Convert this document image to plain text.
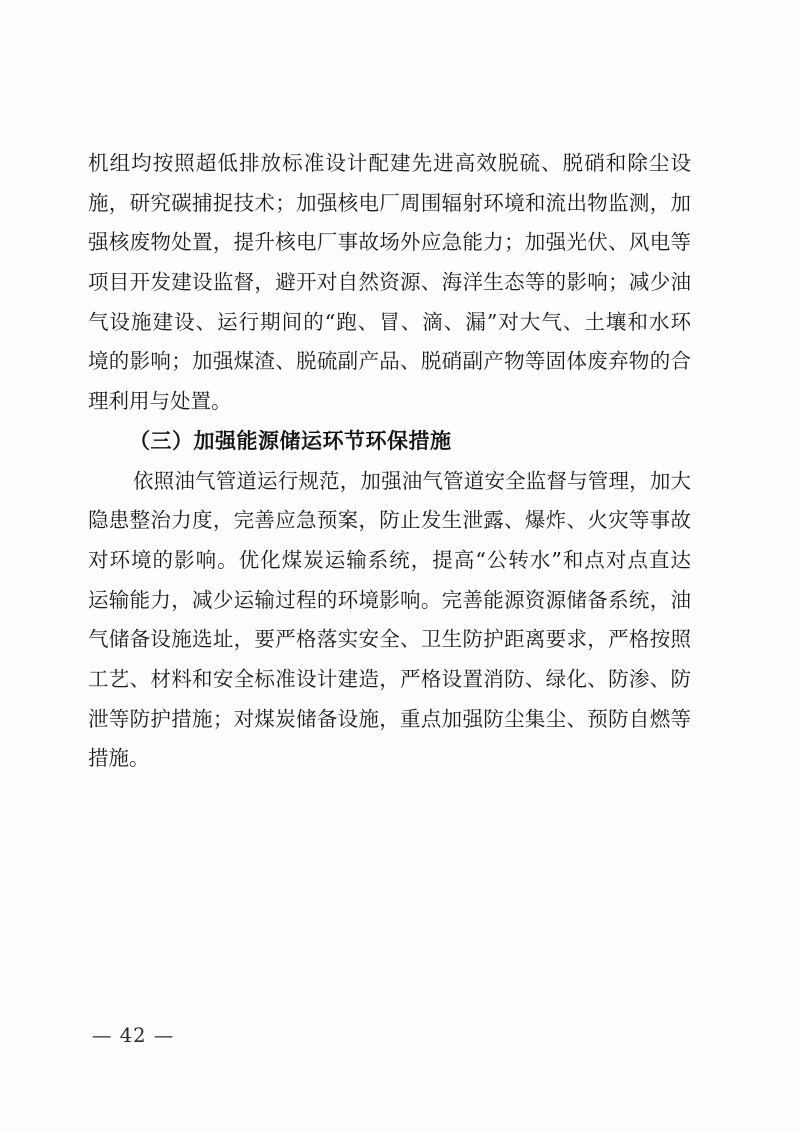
机组均按照超低排放标准设计配建先进高效脱硫、脱硝和除尘设
施，研究碳捕捉技术；加强核电厂周围辐射环境和流出物监测，加
强核废物处置，提升核电厂事故场外应急能力；加强光伏、风电等
项目开发建设监督，避开对自然资源、海洋生态等的影响；减少油
气设施建设、运行期间的“跑、冒、滴、漏”对大气、土壤和水环
境的影响；加强煤渣、脱硫副产品、脱硝副产物等固体废弃物的合
理利用与处置。
（三）加强能源储运环节环保措施
依照油气管道运行规范，加强油气管道安全监督与管理，加大
隐患整治力度，完善应急预案，防止发生泄露、爆炸、火灾等事故
对环境的影响。优化煤炭运输系统，提高“公转水”和点对点直达
运输能力，减少运输过程的环境影响。完善能源资源储备系统，油
气储备设施选址，要严格落实安全、卫生防护距离要求，严格按照
工艺、材料和安全标准设计建造，严格设置消防、绿化、防渗、防
泄等防护措施；对煤炭储备设施，重点加强防尘集尘、预防自燃等
措施。
— 42 —
